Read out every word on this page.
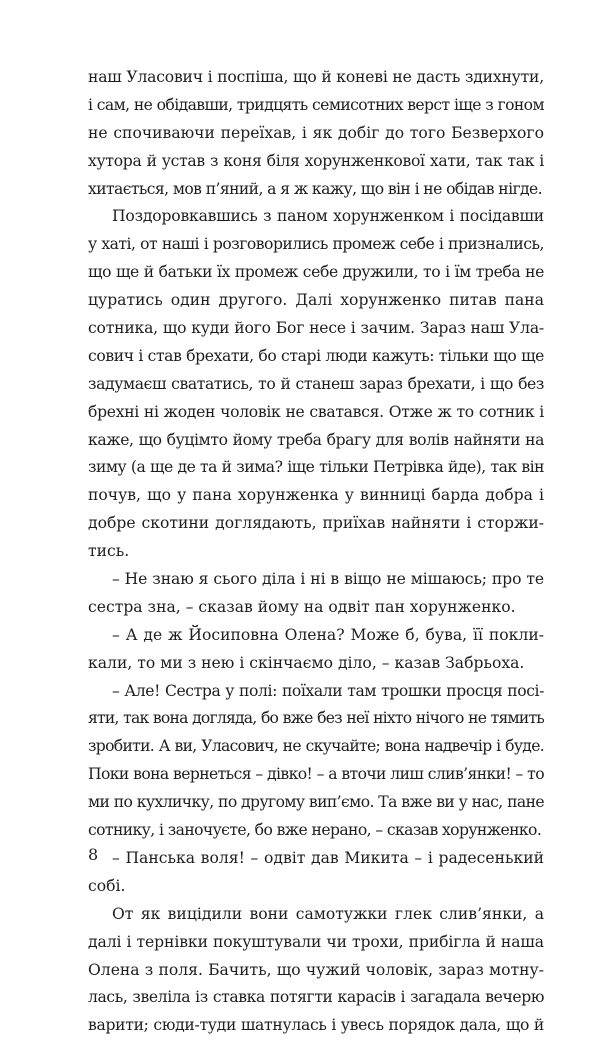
наш Уласович і поспіша, що й коневі не дасть здихнути,
і сам, не обідавши, тридцять семисотних верст іще з гоном
не спочиваючи переїхав, і як добіг до того Безверхого
хутора й устав з коня біля хорунженкової хати, так так і
хитається, мов п’яний, а я ж кажу, що він і не обідав нігде.
Поздоровкавшись з паном хорунженком і посідавши
у хаті, от наші і розговорились промеж себе і признались,
що ще й батьки їх промеж себе дружили, то і їм треба не
цуратись один другого. Далі хорунженко питав пана
сотника, що куди його Бог несе і зачим. Зараз наш Ула-
сович і став брехати, бо старі люди кажуть: тільки що ще
задумаєш свататись, то й станеш зараз брехати, і що без
брехні ні жоден чоловік не сватався. Отже ж то сотник і
каже, що буцімто йому треба брагу для волів найняти на
зиму (а ще де та й зима? іще тільки Петрівка йде), так він
почув, що у пана хорунженка у винниці барда добра і
добре скотини доглядають, приїхав найняти і сторжи-
тись.
– Не знаю я сього діла і ні в віщо не мішаюсь; про те
сестра зна, – сказав йому на одвіт пан хорунженко.
– А де ж Йосиповна Олена? Може б, бува, її покли-
кали, то ми з нею і скінчаємо діло, – казав Забрьоха.
– Але! Сестра у полі: поїхали там трошки просця посі-
яти, так вона догляда, бо вже без неї ніхто нічого не тямить
зробити. А ви, Уласович, не скучайте; вона надвечір і буде.
Поки вона вернеться – дівко! – а вточи лиш слив’янки! – то
ми по кухличку, по другому вип’ємо. Та вже ви у нас, пане
сотнику, і заночуєте, бо вже нерано, – сказав хорунженко.
– Панська воля! – одвіт дав Микита – і радесенький
собі.
От як вицідили вони самотужки глек слив’янки, а
далі і тернівки покуштували чи трохи, прибігла й наша
Олена з поля. Бачить, що чужий чоловік, зараз мотну-
лась, звеліла із ставка потягти карасів і загадала вечерю
варити; сюди-туди шатнулась і увесь порядок дала, що й
8
